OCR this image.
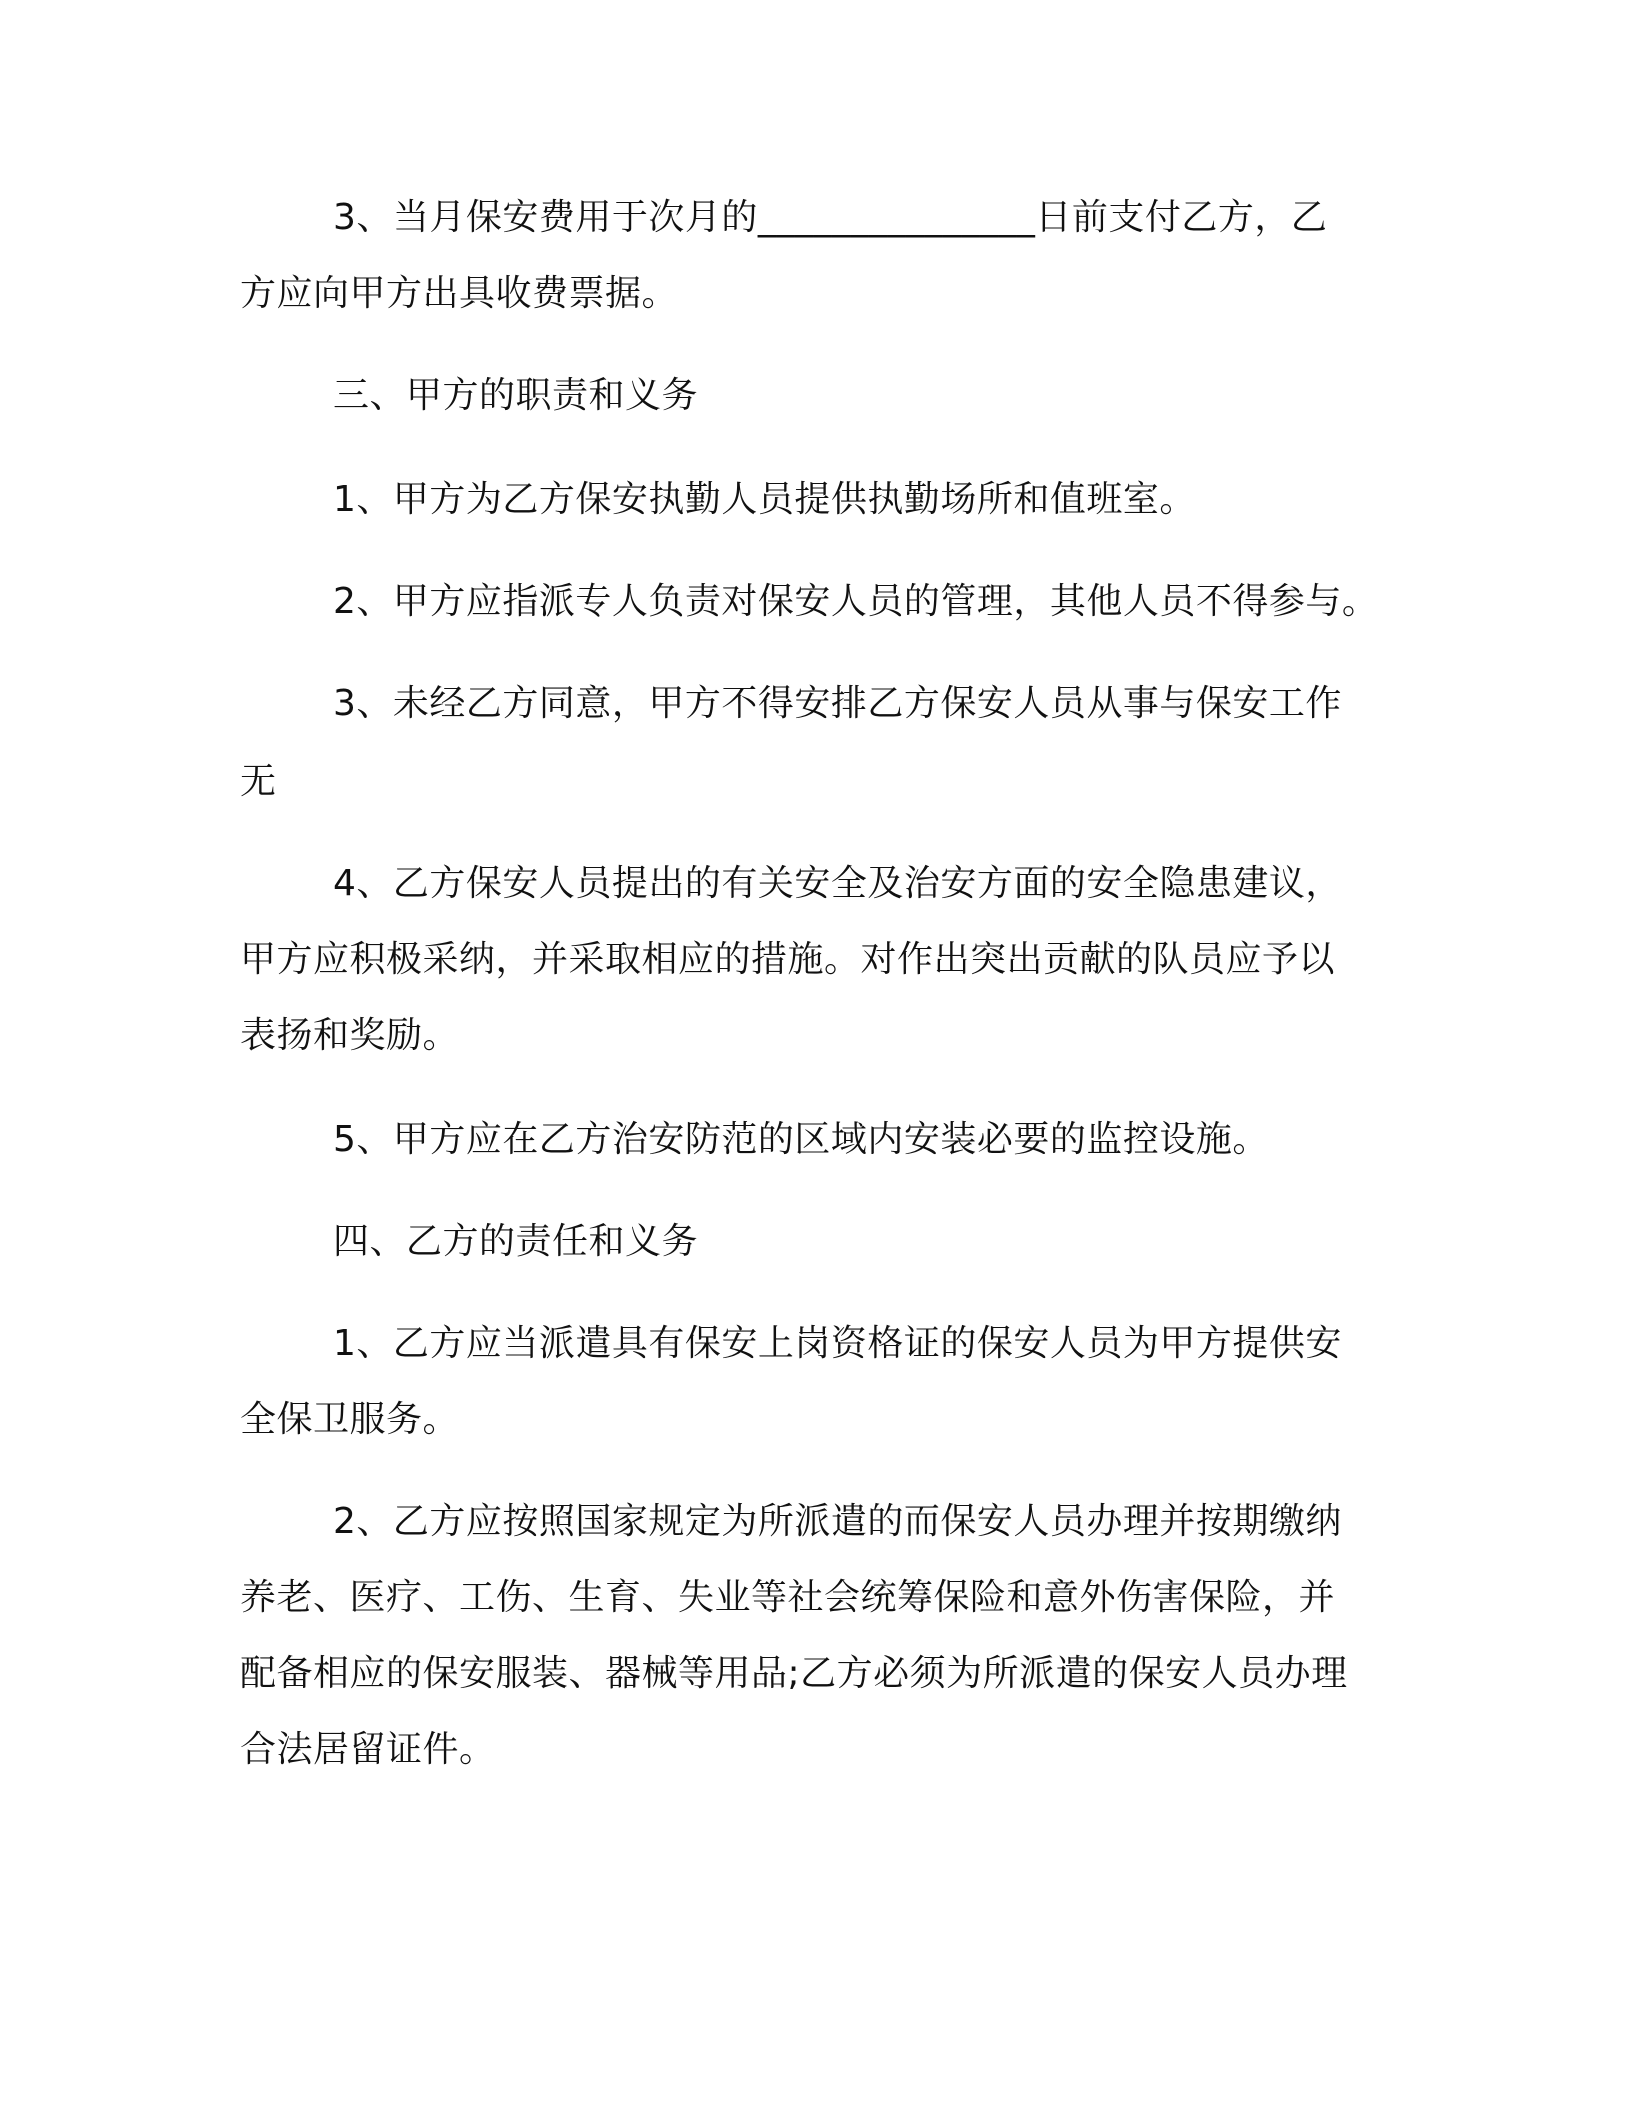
3、当月保安费用于次月的_______________日前支付乙方，乙
方应向甲方出具收费票据。
三、甲方的职责和义务
1、甲方为乙方保安执勤人员提供执勤场所和值班室。
2、甲方应指派专人负责对保安人员的管理，其他人员不得参与。
3、未经乙方同意，甲方不得安排乙方保安人员从事与保安工作
无
4、乙方保安人员提出的有关安全及治安方面的安全隐患建议，
甲方应积极采纳，并采取相应的措施。对作出突出贡献的队员应予以
表扬和奖励。
5、甲方应在乙方治安防范的区域内安装必要的监控设施。
四、乙方的责任和义务
1、乙方应当派遣具有保安上岗资格证的保安人员为甲方提供安
全保卫服务。
2、乙方应按照国家规定为所派遣的而保安人员办理并按期缴纳
养老、医疗、工伤、生育、失业等社会统筹保险和意外伤害保险，并
配备相应的保安服装、器械等用品;乙方必须为所派遣的保安人员办理
合法居留证件。
